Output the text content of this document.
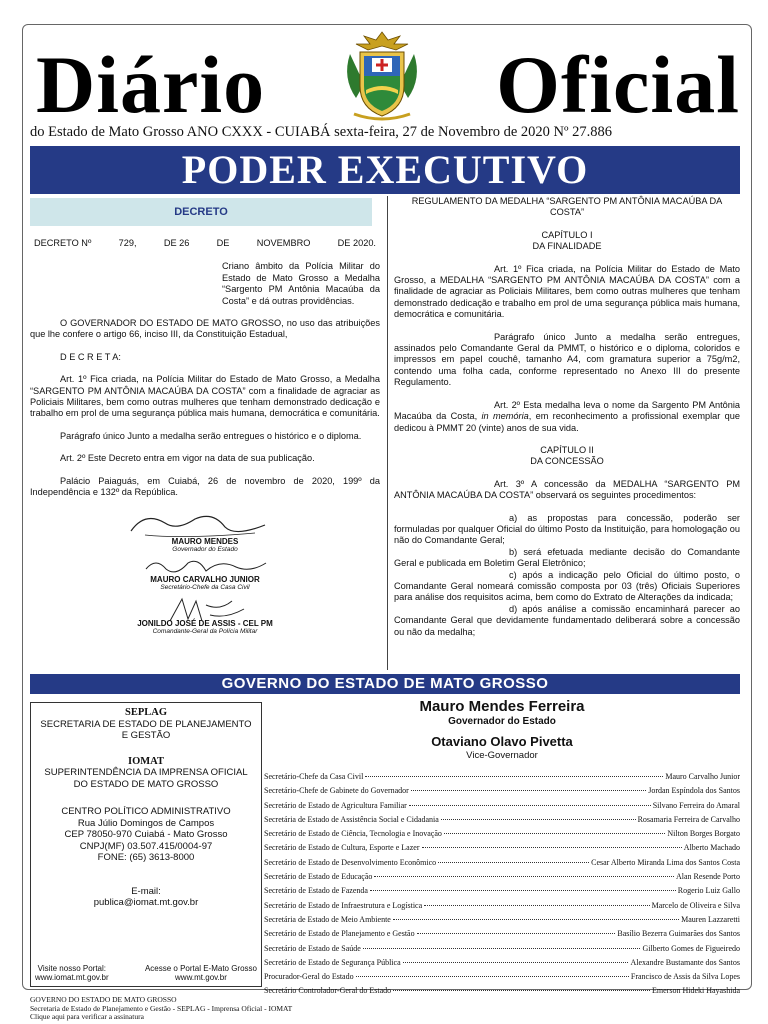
Diário	Oficial
do Estado de Mato Grosso ANO CXXX - CUIABÁ sexta-feira, 27 de Novembro de 2020 Nº 27.886
PODER EXECUTIVO
DECRETO
DECRETO Nº	729,	DE 26	DE	NOVEMBRO	DE 2020.

Criano âmbito da Polícia Militar do Estado de Mato Grosso a Medalha “Sargento PM Antônia Macaúba da Costa” e dá outras providências.

O GOVERNADOR DO ESTADO DE MATO GROSSO, no uso das atribuições que lhe confere o artigo 66, inciso III, da Constituição Estadual,

D E C R E T A:

Art. 1º Fica criada, na Polícia Militar do Estado de Mato Grosso, a Medalha “SARGENTO PM ANTÔNIA MACAÚBA DA COSTA” com a finalidade de agraciar as Policiais Militares, bem como outras mulheres que tenham demonstrado dedicação e trabalho em prol de uma segurança pública mais humana, democrática e comunitária.

Parágrafo único Junto a medalha serão entregues o histórico e o diploma.

Art. 2º Este Decreto entra em vigor na data de sua publicação.

Palácio Paiaguás, em Cuiabá, 26 de novembro de 2020, 199º da Independência e 132º da República.

MAURO MENDES
Governador do Estado
MAURO CARVALHO JUNIOR
Secretário-Chefe da Casa Civil
JONILDO JOSÉ DE ASSIS - CEL PM
Comandante-Geral da Polícia Militar

REGULAMENTO DA MEDALHA “SARGENTO PM ANTÔNIA MACAÚBA DA COSTA”

CAPÍTULO I

DA FINALIDADE

Art. 1º Fica criada, na Polícia Militar do Estado de Mato Grosso, a MEDALHA “SARGENTO PM ANTÔNIA MACAÚBA DA COSTA” com a finalidade de agraciar as Policiais Militares, bem como outras mulheres que tenham demonstrado dedicação e trabalho em prol de uma segurança pública mais humana, democrática e comunitária.

Parágrafo único Junto a medalha serão entregues, assinados pelo Comandante Geral da PMMT, o histórico e o diploma, coloridos e impressos em papel couchê, tamanho A4, com gramatura superior a 75g/m2, contendo uma folha cada, conforme representado no Anexo III do presente Regulamento.

Art. 2º Esta medalha leva o nome da Sargento PM Antônia Macaúba da Costa, in memória, em reconhecimento a profissional exemplar que dedicou à PMMT 20 (vinte) anos de sua vida.

CAPÍTULO II

DA CONCESSÃO

Art. 3º A concessão da MEDALHA “SARGENTO PM ANTÔNIA MACAÚBA DA COSTA” observará os seguintes procedimentos:

a) as propostas para concessão, poderão ser formuladas por qualquer Oficial do último Posto da Instituição, para homologação ou não do Comandante Geral;

b) será efetuada mediante decisão do Comandante Geral e publicada em Boletim Geral Eletrônico;

c) após a indicação pelo Oficial do último posto, o Comandante Geral nomeará comissão composta por 03 (três) Oficiais Superiores para análise dos requisitos acima, bem como do Extrato de Alterações da indicada;

d) após análise a comissão encaminhará parecer ao Comandante Geral que devidamente fundamentado deliberará sobre a concessão ou não da medalha;

GOVERNO DO ESTADO DE MATO GROSSO
SEPLAG
SECRETARIA DE ESTADO DE PLANEJAMENTO E GESTÃO
IOMAT
SUPERINTENDÊNCIA DA IMPRENSA OFICIAL DO ESTADO DE MATO GROSSO
CENTRO POLÍTICO ADMINISTRATIVO
Rua Júlio Domingos de Campos
CEP 78050-970 Cuiabá - Mato Grosso
CNPJ(MF) 03.507.415/0004-97
FONE: (65) 3613-8000
E-mail:
publica@iomat.mt.gov.br
Visite nosso Portal:
www.iomat.mt.gov.br
Acesse o Portal E-Mato Grosso
www.mt.gov.br
Mauro Mendes Ferreira
Governador do Estado
Otaviano Olavo Pivetta
Vice-Governador
Secretário-Chefe da Casa Civil	Mauro Carvalho Junior
Secretário-Chefe de Gabinete do Governador	Jordan Espíndola dos Santos
Secretário de Estado de Agricultura Familiar	Silvano Ferreira do Amaral
Secretária de Estado de Assistência Social e Cidadania	Rosamaria Ferreira de Carvalho
Secretário de Estado de Ciência, Tecnologia e Inovação	Nilton Borges Borgato
Secretário de Estado de Cultura, Esporte e Lazer	Alberto Machado
Secretário de Estado de Desenvolvimento Econômico	Cesar Alberto Miranda Lima dos Santos Costa
Secretário de Estado de Educação	Alan Resende Porto
Secretário de Estado de Fazenda	Rogerio Luiz Gallo
Secretário de Estado de Infraestrutura e Logística	Marcelo de Oliveira e Silva
Secretária de Estado de Meio Ambiente	Mauren Lazzaretti
Secretário de Estado de Planejamento e Gestão	Basílio Bezerra Guimarães dos Santos
Secretário de Estado de Saúde	Gilberto Gomes de Figueiredo
Secretário de Estado de Segurança Pública	Alexandre Bustamante dos Santos
Procurador-Geral do Estado	Francisco de Assis da Silva Lopes
Secretário Controlador-Geral do Estado	Emerson Hideki Hayashida
GOVERNO DO ESTADO DE MATO GROSSO
Secretaria de Estado de Planejamento e Gestão - SEPLAG - Imprensa Oficial - IOMAT
Clique aqui para verificar a assinatura
